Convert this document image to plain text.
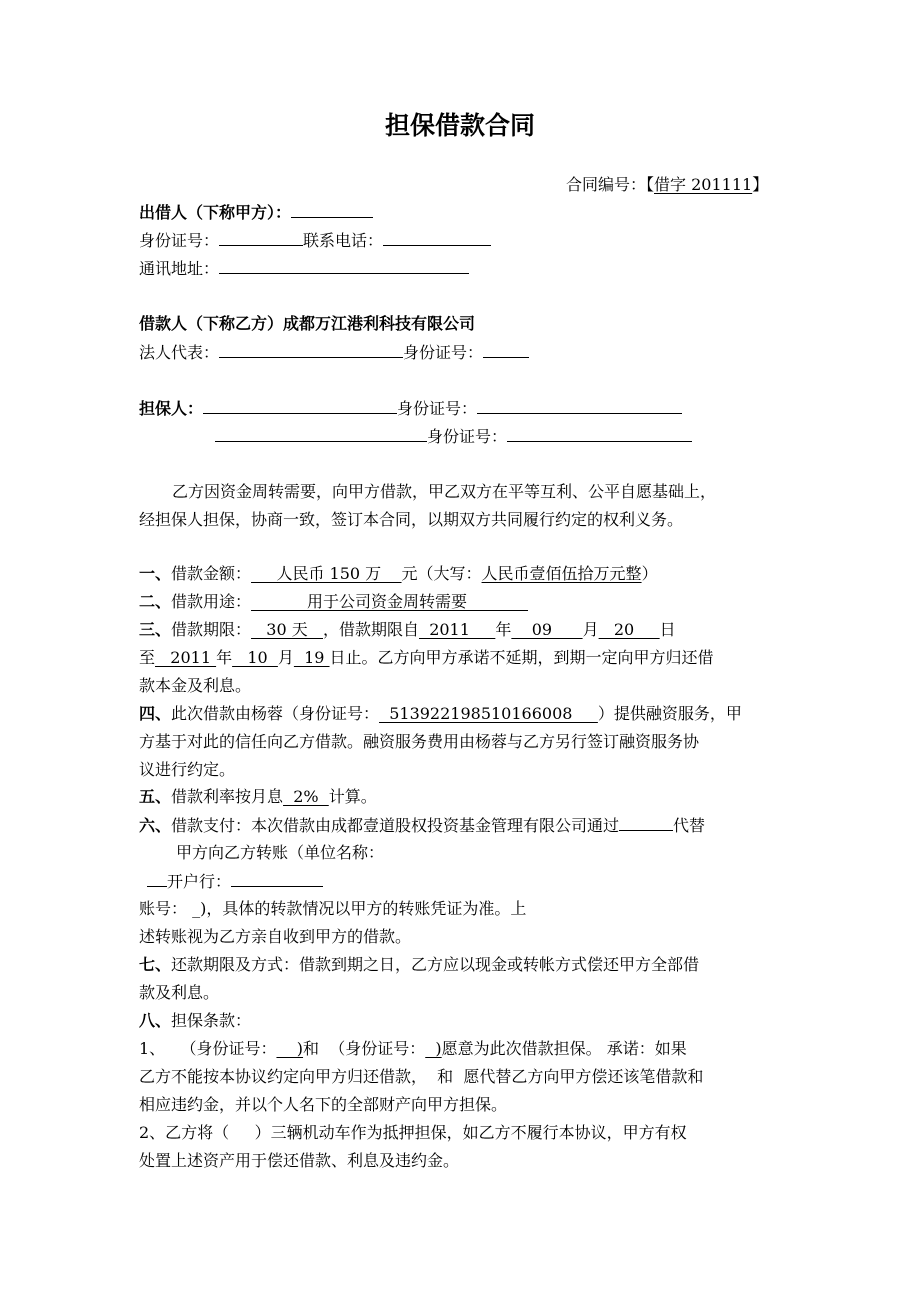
担保借款合同
合同编号：【借字 201111】
出借人（下称甲方）：
身份证号：	联系电话：
通讯地址：
借款人（下称乙方）成都万江港利科技有限公司
法人代表：	身份证号：
担保人：	身份证号：
身份证号：
乙方因资金周转需要，向甲方借款，甲乙双方在平等互利、公平自愿基础上，
经担保人担保，协商一致，签订本合同，以期双方共同履行约定的权利义务。
一、借款金额：     人民币 150 万    元（大写：人民币壹佰伍拾万元整）
二、借款用途：           用于公司资金周转需要
三、借款期限：   30 天   ，借款期限自  2011     年    09      月   20     日
至   2011 年   10  月  19 日止。乙方向甲方承诺不延期，到期一定向甲方归还借
款本金及利息。
四、此次借款由杨蓉（身份证号：  513922198510166008     ）提供融资服务，甲
方基于对此的信任向乙方借款。融资服务费用由杨蓉与乙方另行签订融资服务协
议进行约定。
五、借款利率按月息  2%  计算。
六、借款支付：本次借款由成都壹道股权投资基金管理有限公司通过	代替
甲方向乙方转账（单位名称：
开户行：
账号： _)，具体的转款情况以甲方的转账凭证为准。上
述转账视为乙方亲自收到甲方的借款。
七、还款期限及方式：借款到期之日，乙方应以现金或转帐方式偿还甲方全部借
款及利息。
八、担保条款：
1、   （身份证号：    )和  （身份证号：  )愿意为此次借款担保。 承诺：如果
乙方不能按本协议约定向甲方归还借款，  和  愿代替乙方向甲方偿还该笔借款和
相应违约金，并以个人名下的全部财产向甲方担保。
2、乙方将（     ）三辆机动车作为抵押担保，如乙方不履行本协议，甲方有权
处置上述资产用于偿还借款、利息及违约金。
